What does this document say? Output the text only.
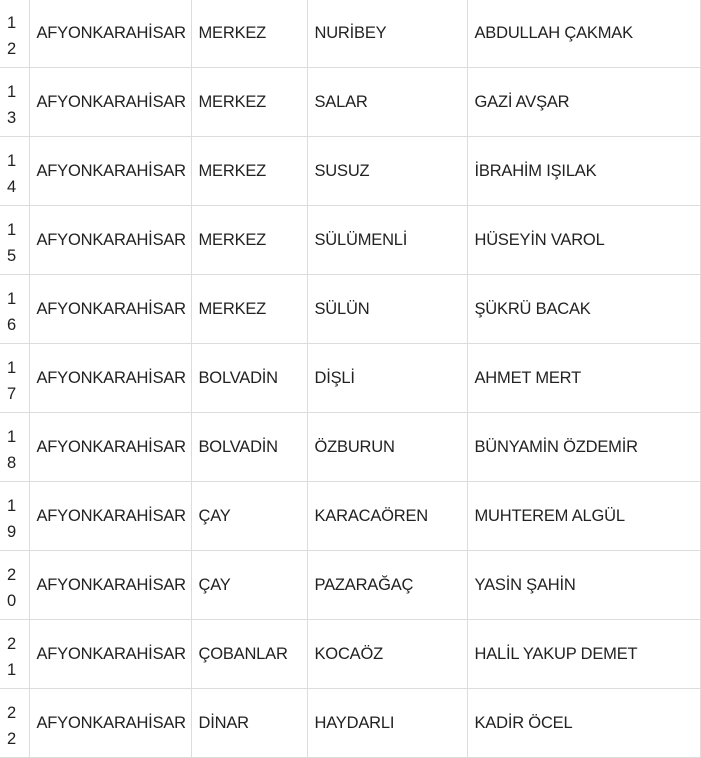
12	AFYONKARAHİSAR	MERKEZ	NURİBEY	ABDULLAH ÇAKMAK

13	AFYONKARAHİSAR	MERKEZ	SALAR	GAZİ AVŞAR

14	AFYONKARAHİSAR	MERKEZ	SUSUZ	İBRAHİM IŞILAK

15	AFYONKARAHİSAR	MERKEZ	SÜLÜMENLİ	HÜSEYİN VAROL

16	AFYONKARAHİSAR	MERKEZ	SÜLÜN	ŞÜKRÜ BACAK

17	AFYONKARAHİSAR	BOLVADİN	DİŞLİ	AHMET MERT

18	AFYONKARAHİSAR	BOLVADİN	ÖZBURUN	BÜNYAMİN ÖZDEMİR

19	AFYONKARAHİSAR	ÇAY	KARACAÖREN	MUHTEREM ALGÜL

20	AFYONKARAHİSAR	ÇAY	PAZARAĞAÇ	YASİN ŞAHİN

21	AFYONKARAHİSAR	ÇOBANLAR	KOCAÖZ	HALİL YAKUP DEMET

22	AFYONKARAHİSAR	DİNAR	HAYDARLI	KADİR ÖCEL
